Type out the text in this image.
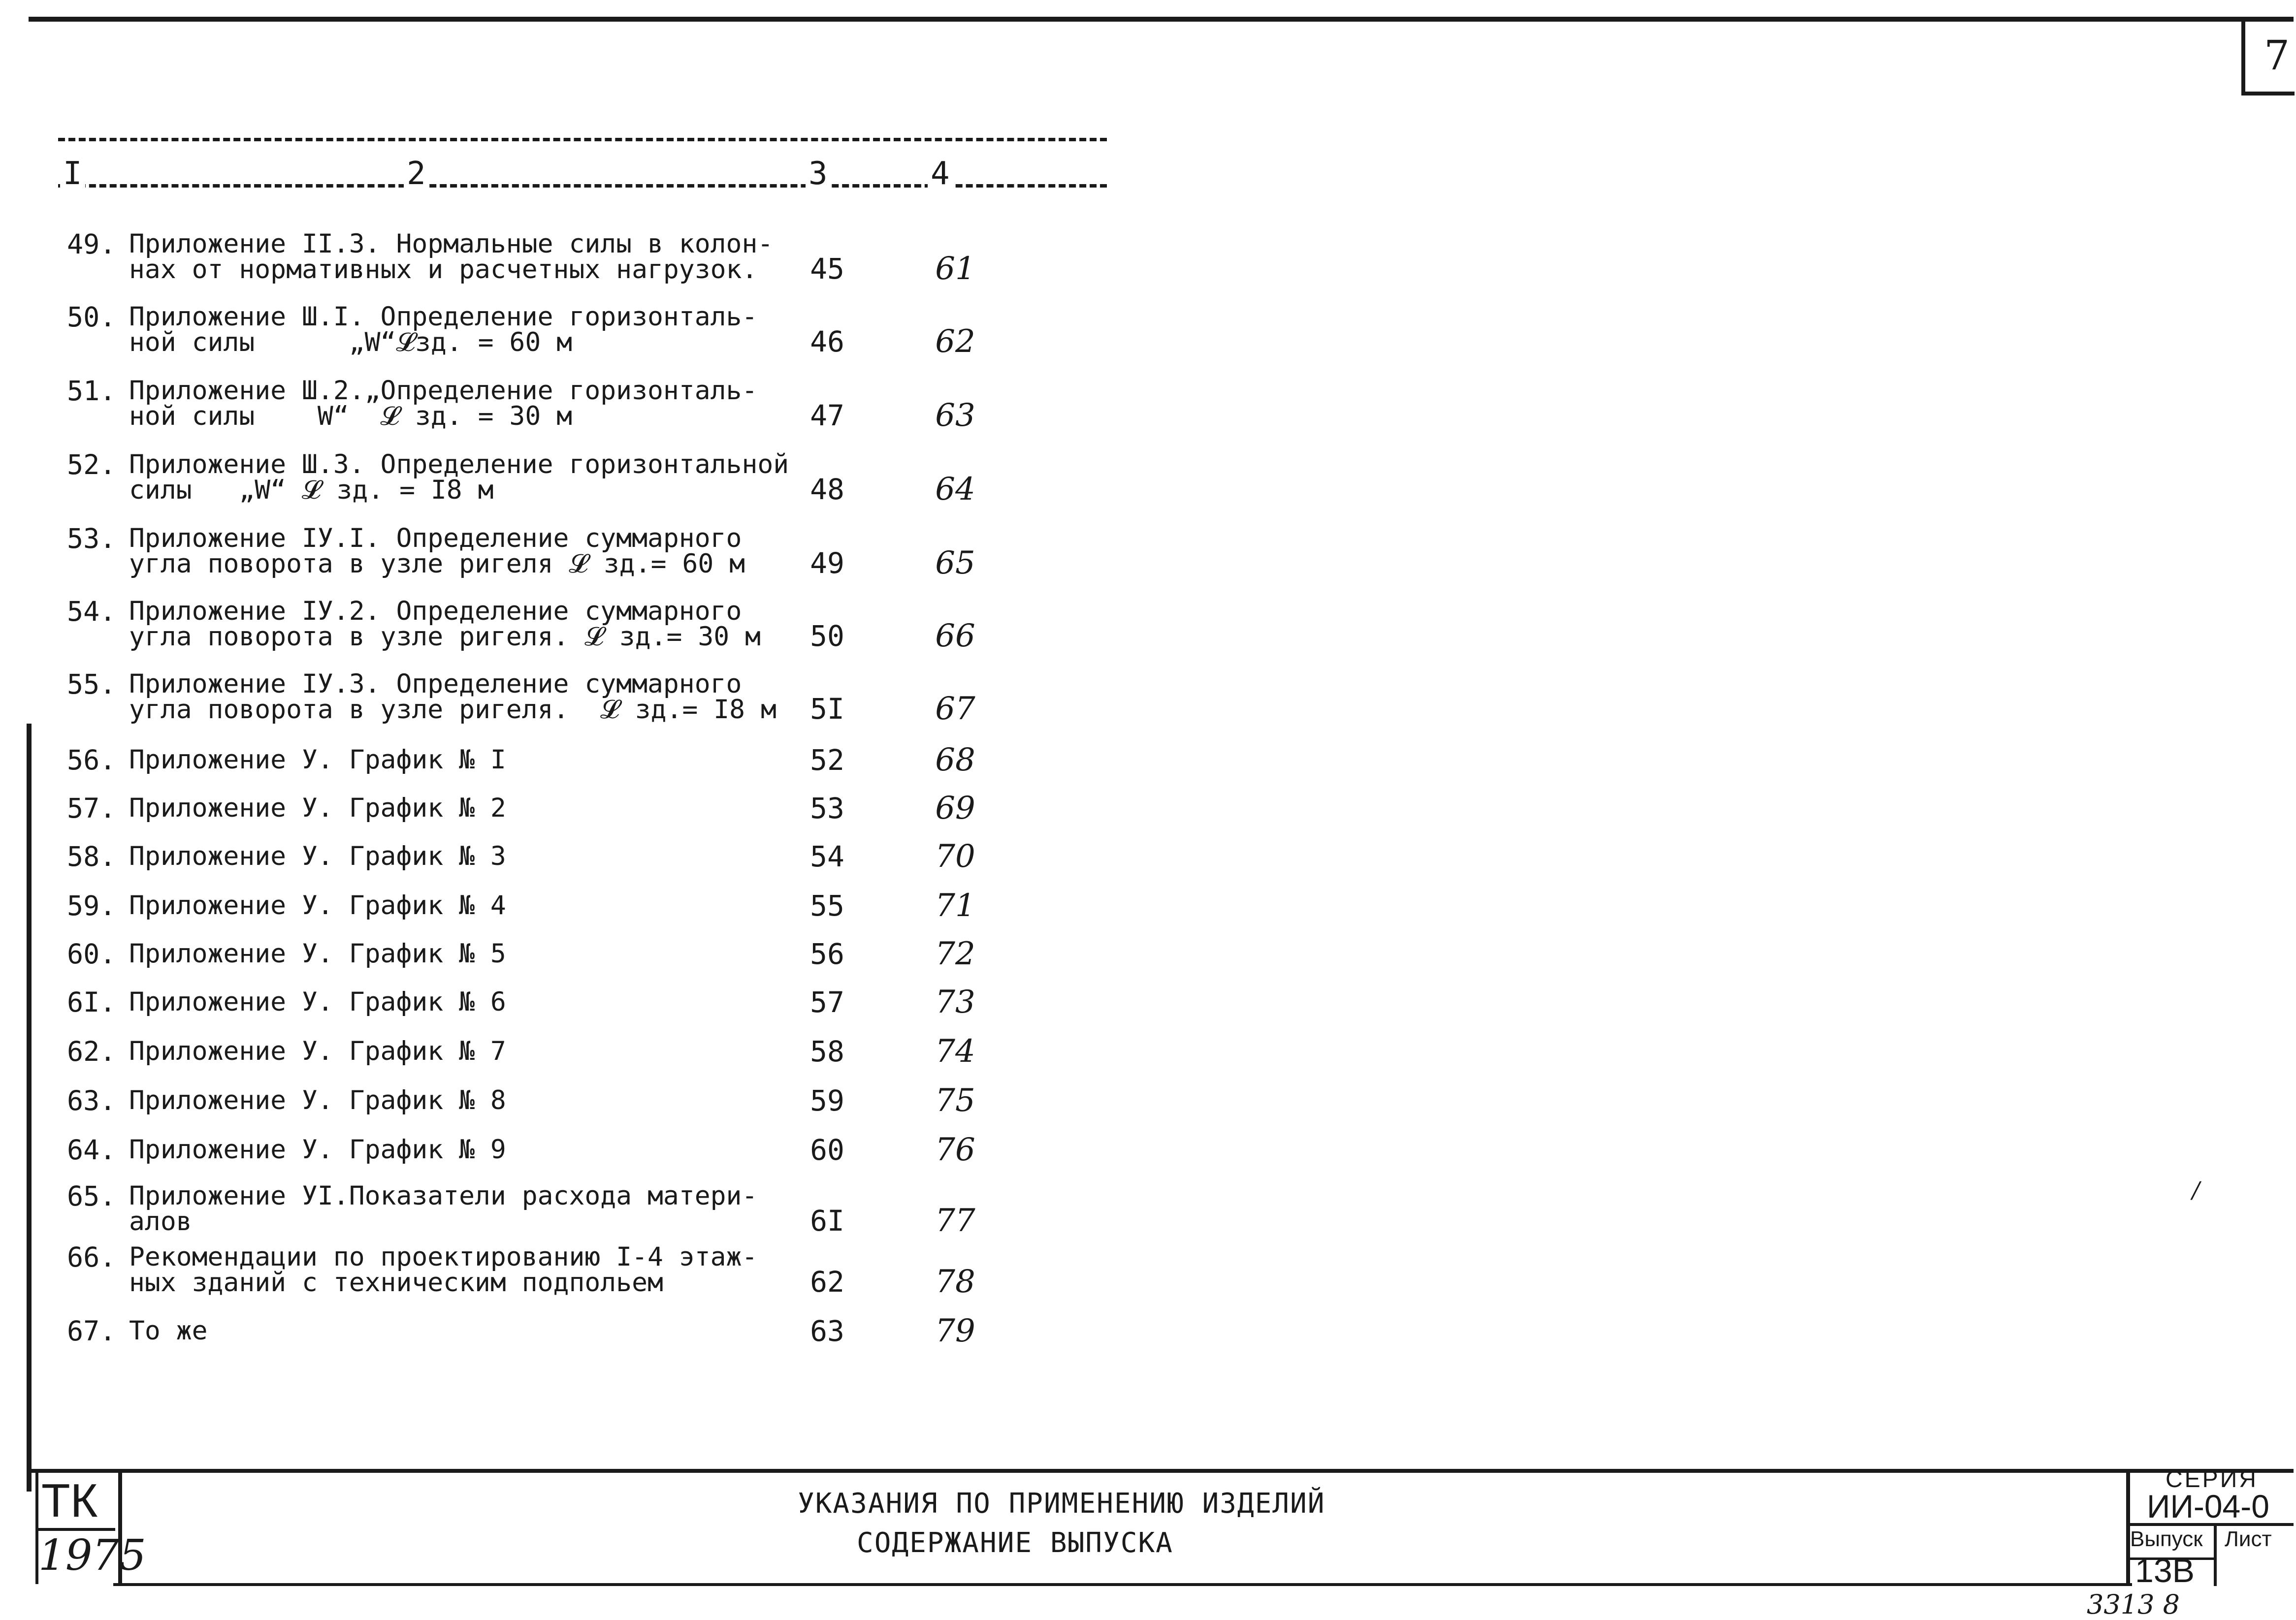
7
I	2	3	4
49. Приложение II.3. Нормальные силы в колон-
нах от нормативных и расчетных нагрузок.	45	61
50. Приложение Ш.I. Определение горизонталь-
ной силы      „W“𝓛зд. = 60 м	46	62
51. Приложение Ш.2.„Определение горизонталь-
ной силы    W“  𝓛 зд. = 30 м	47	63
52. Приложение Ш.3. Определение горизонтальной
силы   „W“ 𝓛 зд. = I8 м	48	64
53. Приложение IУ.I. Определение суммарного
угла поворота в узле ригеля 𝓛 зд.= 60 м	49	65
54. Приложение IУ.2. Определение суммарного
угла поворота в узле ригеля. 𝓛 зд.= 30 м	50	66
55. Приложение IУ.3. Определение суммарного
угла поворота в узле ригеля.  𝓛 зд.= I8 м	5I	67
56. Приложение У. График № I	52	68
57. Приложение У. График № 2	53	69
58. Приложение У. График № 3	54	70
59. Приложение У. График № 4	55	71
60. Приложение У. График № 5	56	72
6I. Приложение У. График № 6	57	73
62. Приложение У. График № 7	58	74
63. Приложение У. График № 8	59	75
64. Приложение У. График № 9	60	76
65. Приложение УI.Показатели расхода матери-
алов	6I	77
66. Рекомендации по проектированию I-4 этаж-
ных зданий с техническим подпольем	62	78
67. То же	63	79
/
ТК
1975
УКАЗАНИЯ ПО ПРИМЕНЕНИЮ ИЗДЕЛИЙ
СОДЕРЖАНИЕ ВЫПУСКА
СЕРИЯ
ИИ-04-0
Выпуск Лист
13В
3313 8
